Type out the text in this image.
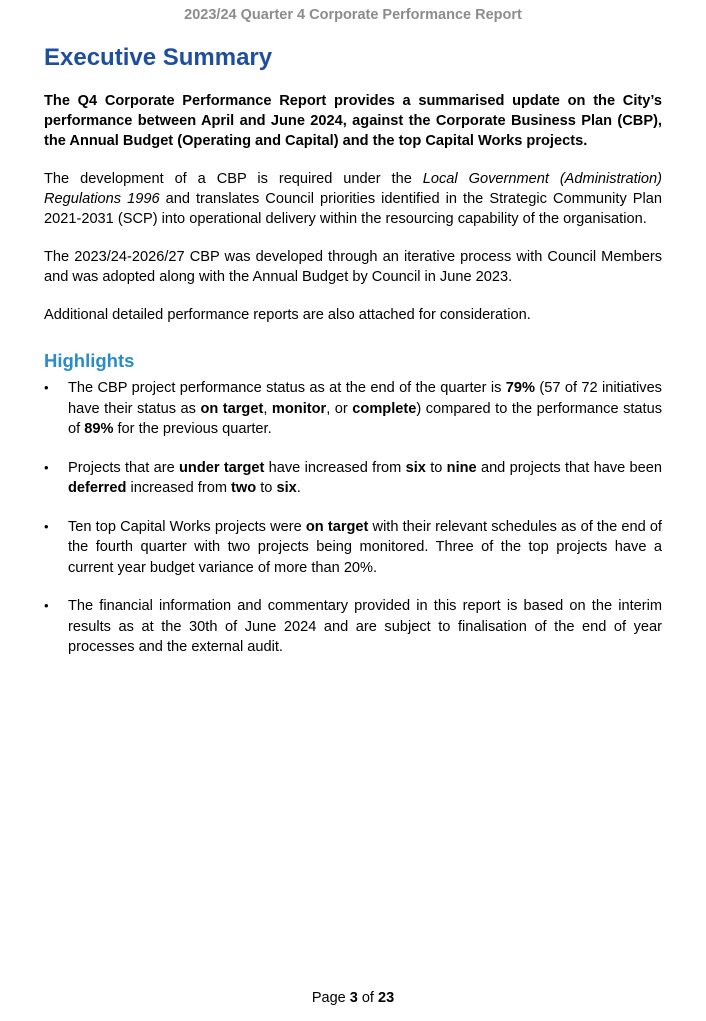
2023/24 Quarter 4 Corporate Performance Report
Executive Summary

The Q4 Corporate Performance Report provides a summarised update on the City’s performance between April and June 2024, against the Corporate Business Plan (CBP), the Annual Budget (Operating and Capital) and the top Capital Works projects.

The development of a CBP is required under the Local Government (Administration) Regulations 1996 and translates Council priorities identified in the Strategic Community Plan 2021-2031 (SCP) into operational delivery within the resourcing capability of the organisation.

The 2023/24-2026/27 CBP was developed through an iterative process with Council Members and was adopted along with the Annual Budget by Council in June 2023.

Additional detailed performance reports are also attached for consideration.

Highlights
• The CBP project performance status as at the end of the quarter is 79% (57 of 72 initiatives have their status as on target, monitor, or complete) compared to the performance status of 89% for the previous quarter.
• Projects that are under target have increased from six to nine and projects that have been deferred increased from two to six.
• Ten top Capital Works projects were on target with their relevant schedules as of the end of the fourth quarter with two projects being monitored. Three of the top projects have a current year budget variance of more than 20%.
• The financial information and commentary provided in this report is based on the interim results as at the 30th of June 2024 and are subject to finalisation of the end of year processes and the external audit.
Page 3 of 23
